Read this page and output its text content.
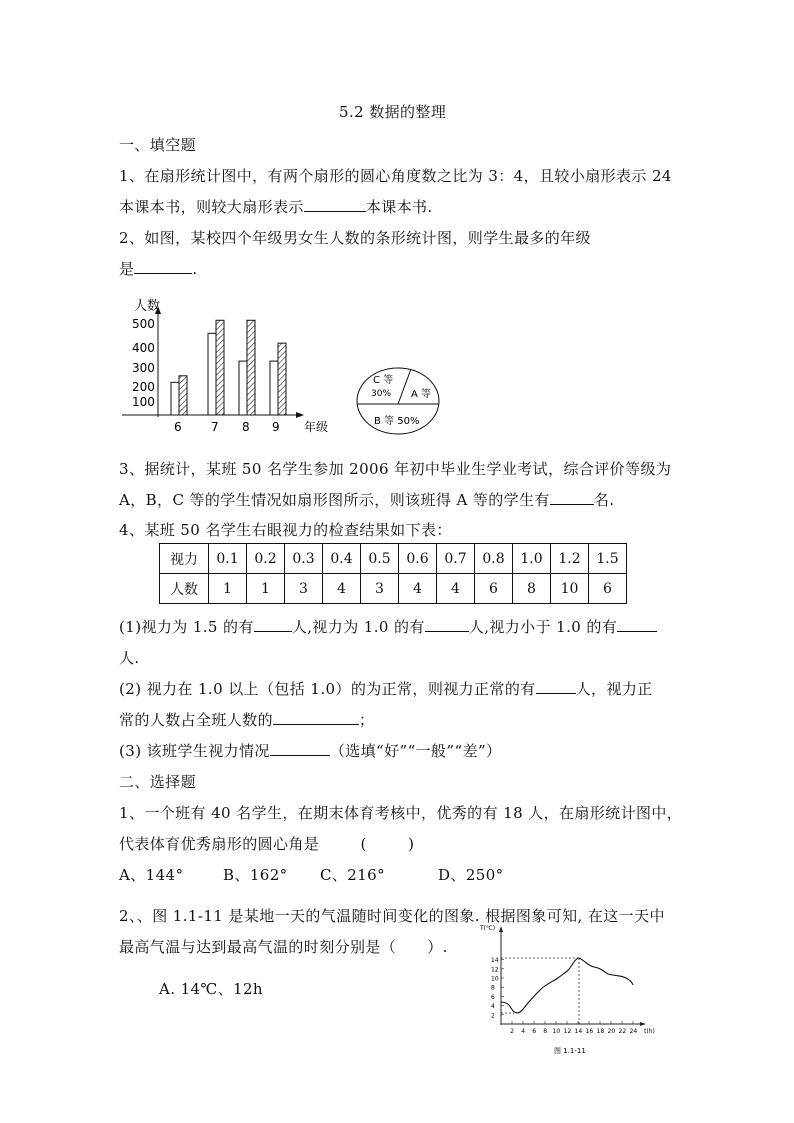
5.2 数据的整理
一、填空题
1、在扇形统计图中，有两个扇形的圆心角度数之比为 3：4，且较小扇形表示 24
本课本书，则较大扇形表示	本课本书.
2、如图，某校四个年级男女生人数的条形统计图，则学生最多的年级
是	.
人数
年级
100
200
300
400
500
6 7 8 9
C 等
30% A 等
B 等 50%
3、据统计，某班 50 名学生参加 2006 年初中毕业生学业考试，综合评价等级为
A，B，C 等的学生情况如扇形图所示，则该班得 A 等的学生有	名.
4、某班 50 名学生右眼视力的检查结果如下表：
视力	0.1	0.2	0.3	0.4	0.5	0.6	0.7	0.8	1.0	1.2	1.5
人数	1	1	3	4	3	4	4	6	8	10	6
(1)视力为 1.5 的有	人,视力为 1.0 的有	人,视力小于 1.0 的有
人.
(2) 视力在 1.0 以上（包括 1.0）的为正常，则视力正常的有	人，视力正
常的人数占全班人数的	；
(3) 该班学生视力情况	（选填“好”“一般”“差”）
二、选择题
1、一个班有 40 名学生，在期末体育考核中，优秀的有 18 人，在扇形统计图中，
代表体育优秀扇形的圆心角是        (        )
A、144°	B、162° C、216°	D、250°
2、、图 1.1-11 是某地一天的气温随时间变化的图象. 根据图象可知, 在这一天中
最高气温与达到最高气温的时刻分别是（      ）.
A. 14℃、12h
T(℃)
t(h)
2
4
6
8
10
12
14
2 4 6 8 10 12 14 16 18 20 22 24
图 1.1-11
